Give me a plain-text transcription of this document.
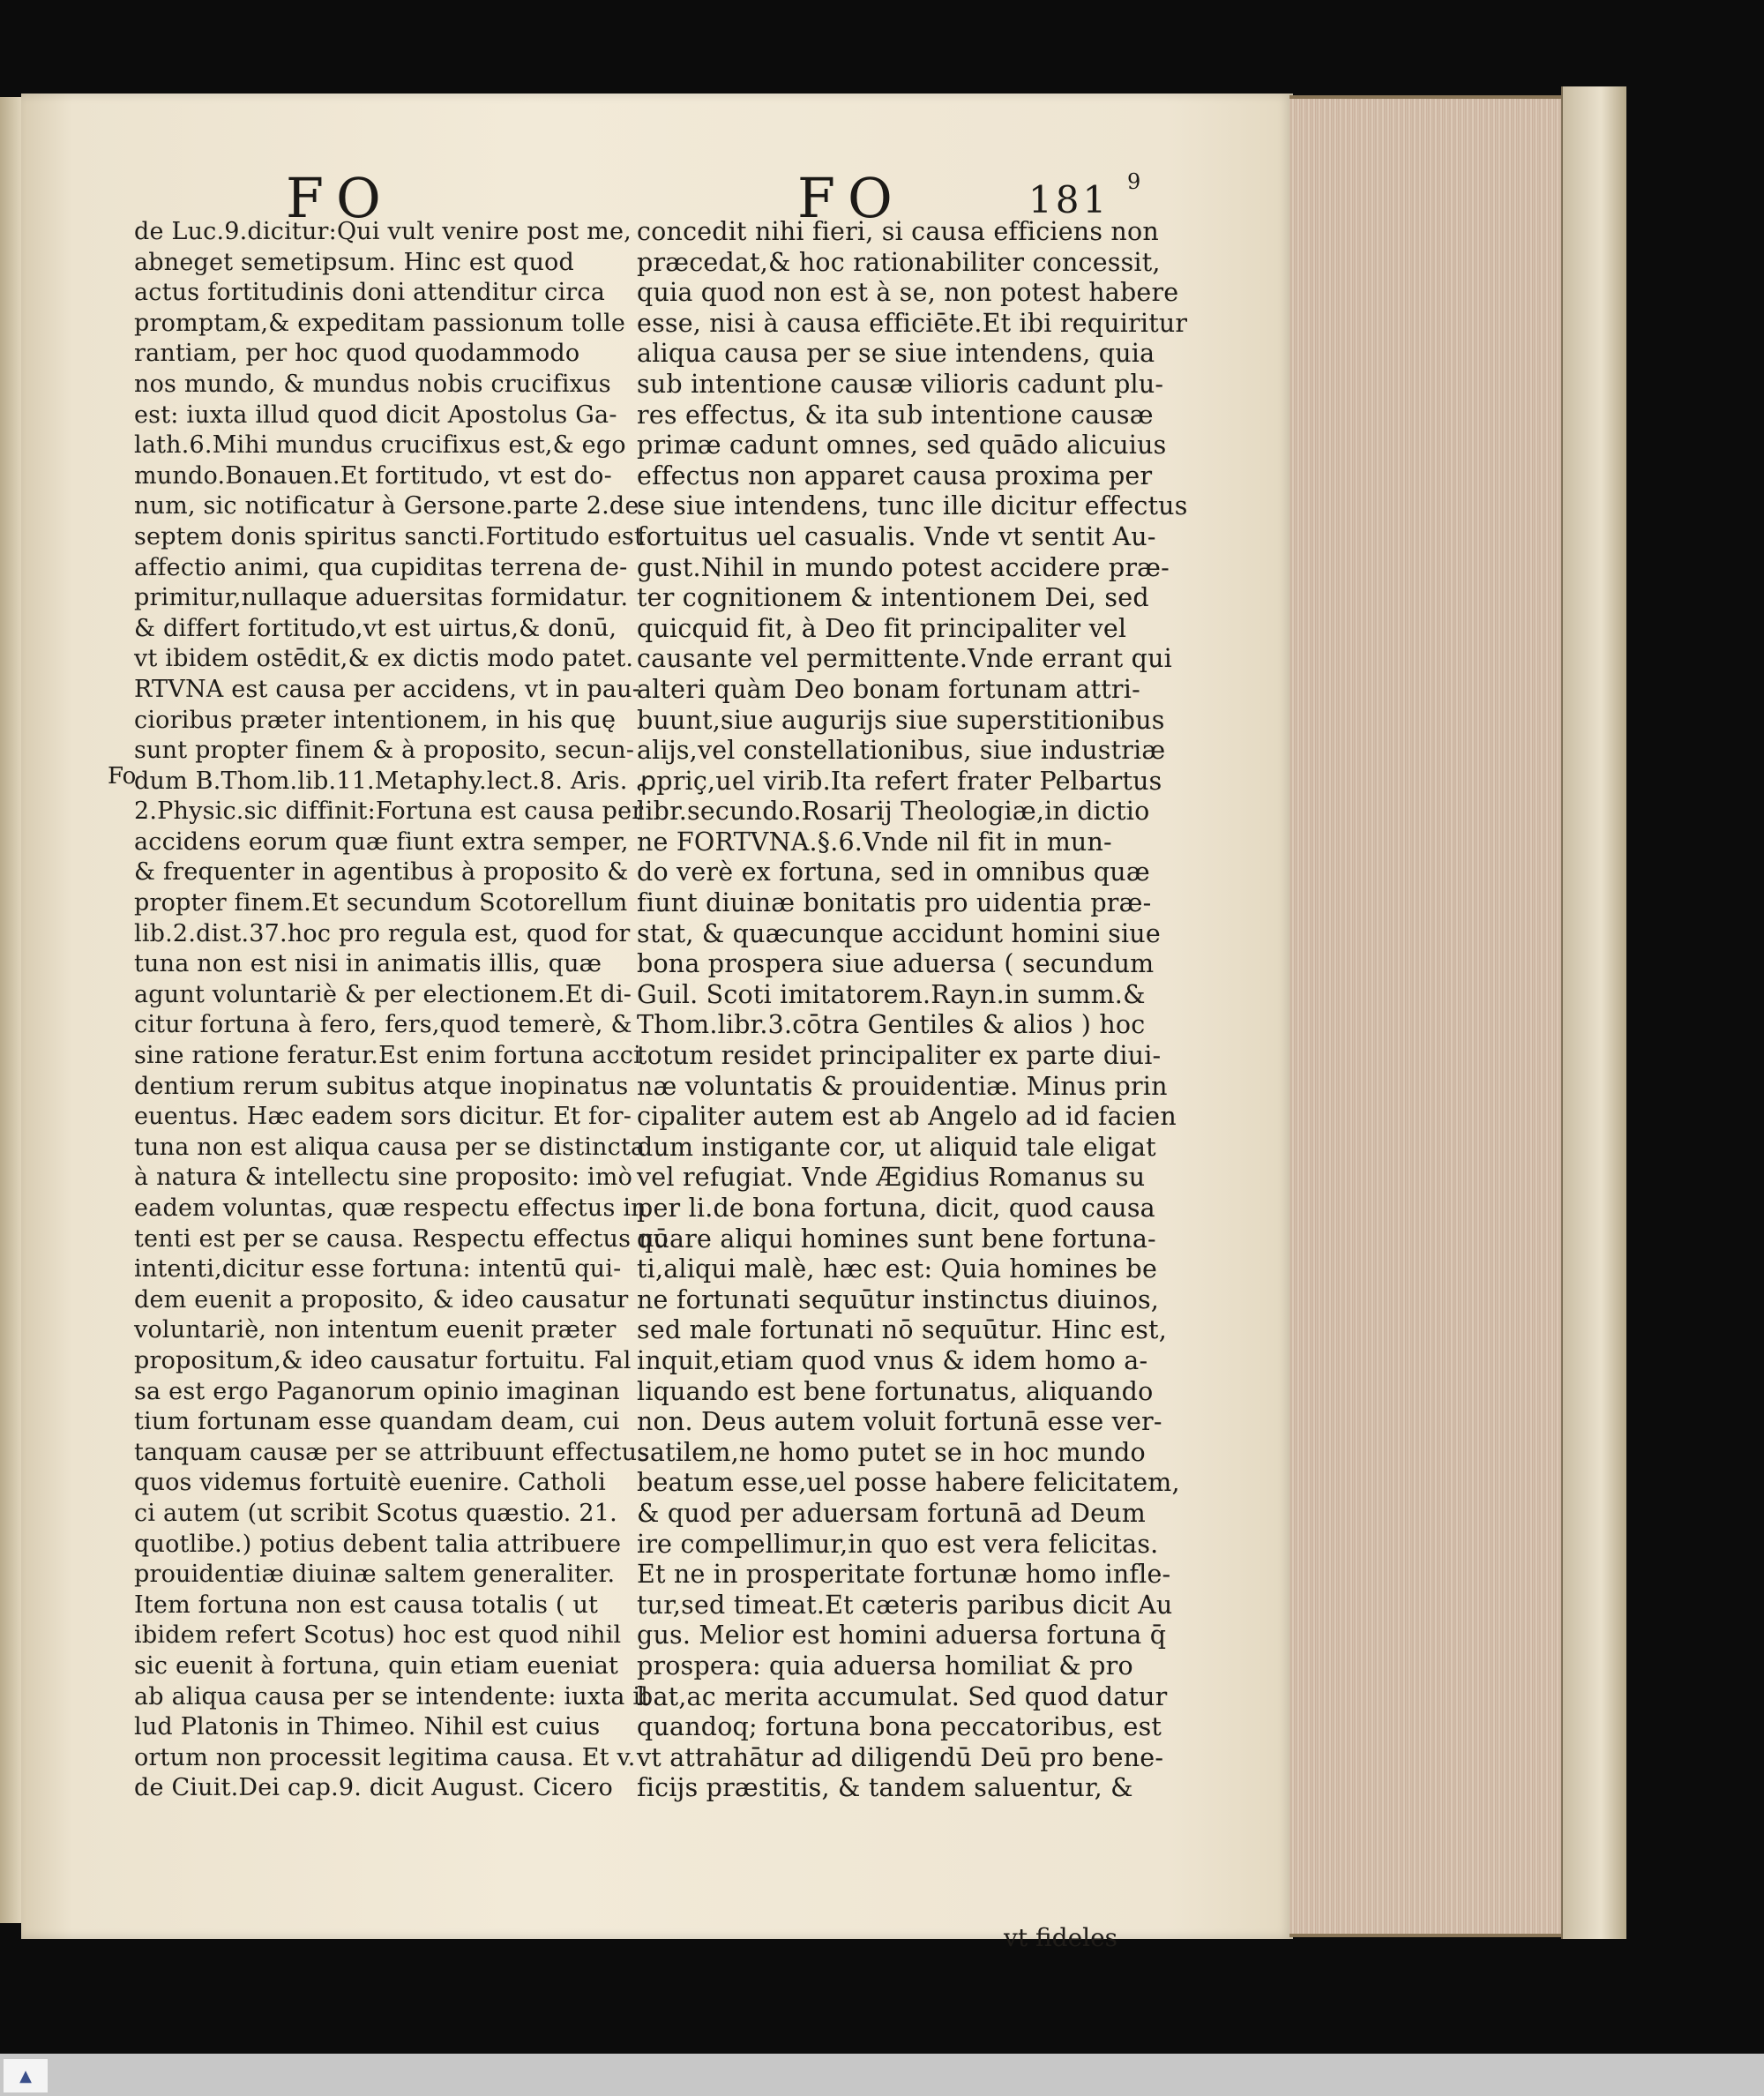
FO	FO	181 9
Fo
de Luc.9.dicitur:Qui vult venire post me,
abneget semetipsum. Hinc est quod
actus fortitudinis doni attenditur circa
promptam,& expeditam passionum tolle
rantiam, per hoc quod quodammodo
nos mundo, & mundus nobis crucifixus
est: iuxta illud quod dicit Apostolus Ga-
lath.6.Mihi mundus crucifixus est,& ego
mundo.Bonauen.Et fortitudo, vt est do-
num, sic notificatur à Gersone.parte 2.de
septem donis spiritus sancti.Fortitudo est
affectio animi, qua cupiditas terrena de-
primitur,nullaque aduersitas formidatur.
& differt fortitudo,vt est uirtus,& donū,
vt ibidem ostēdit,& ex dictis modo patet.
RTVNA est causa per accidens, vt in pau-
cioribus præter intentionem, in his quę
sunt propter finem & à proposito, secun-
dum B.Thom.lib.11.Metaphy.lect.8. Aris.
2.Physic.sic diffinit:Fortuna est causa per
accidens eorum quæ fiunt extra semper,
& frequenter in agentibus à proposito &
propter finem.Et secundum Scotorellum
lib.2.dist.37.hoc pro regula est, quod for
tuna non est nisi in animatis illis, quæ
agunt voluntariè & per electionem.Et di-
citur fortuna à fero, fers,quod temerè, &
sine ratione feratur.Est enim fortuna acci
dentium rerum subitus atque inopinatus
euentus. Hæc eadem sors dicitur. Et for-
tuna non est aliqua causa per se distincta
à natura & intellectu sine proposito: imò
eadem voluntas, quæ respectu effectus in
tenti est per se causa. Respectu effectus nō
intenti,dicitur esse fortuna: intentū qui-
dem euenit a proposito, & ideo causatur
voluntariè, non intentum euenit præter
propositum,& ideo causatur fortuitu. Fal
sa est ergo Paganorum opinio imaginan
tium fortunam esse quandam deam, cui
tanquam causæ per se attribuunt effectus
quos videmus fortuitè euenire. Catholi
ci autem (ut scribit Scotus quæstio. 21.
quotlibe.) potius debent talia attribuere
prouidentiæ diuinæ saltem generaliter.
Item fortuna non est causa totalis ( ut
ibidem refert Scotus) hoc est quod nihil
sic euenit à fortuna, quin etiam eueniat
ab aliqua causa per se intendente: iuxta il
lud Platonis in Thimeo. Nihil est cuius
ortum non processit legitima causa. Et v.
de Ciuit.Dei cap.9. dicit August. Cicero
concedit nihi fieri, si causa efficiens non
præcedat,& hoc rationabiliter concessit,
quia quod non est à se, non potest habere
esse, nisi à causa efficiēte.Et ibi requiritur
aliqua causa per se siue intendens, quia
sub intentione causæ vilioris cadunt plu-
res effectus, & ita sub intentione causæ
primæ cadunt omnes, sed quādo alicuius
effectus non apparet causa proxima per
se siue intendens, tunc ille dicitur effectus
fortuitus uel casualis. Vnde vt sentit Au-
gust.Nihil in mundo potest accidere præ-
ter cognitionem & intentionem Dei, sed
quicquid fit, à Deo fit principaliter vel
causante vel permittente.Vnde errant qui
alteri quàm Deo bonam fortunam attri-
buunt,siue augurijs siue superstitionibus
alijs,vel constellationibus, siue industriæ
ꝓpriç,uel virib.Ita refert frater Pelbartus
libr.secundo.Rosarij Theologiæ,in dictio
ne FORTVNA.§.6.Vnde nil fit in mun-
do verè ex fortuna, sed in omnibus quæ
fiunt diuinæ bonitatis pro uidentia præ-
stat, & quæcunque accidunt homini siue
bona prospera siue aduersa ( secundum
Guil. Scoti imitatorem.Rayn.in summ.&
Thom.libr.3.cōtra Gentiles & alios ) hoc
totum residet principaliter ex parte diui-
næ voluntatis & prouidentiæ. Minus prin
cipaliter autem est ab Angelo ad id facien
dum instigante cor, ut aliquid tale eligat
vel refugiat. Vnde Ægidius Romanus su
per li.de bona fortuna, dicit, quod causa
quare aliqui homines sunt bene fortuna-
ti,aliqui malè, hæc est: Quia homines be
ne fortunati sequūtur instinctus diuinos,
sed male fortunati nō sequūtur. Hinc est,
inquit,etiam quod vnus & idem homo a-
liquando est bene fortunatus, aliquando
non. Deus autem voluit fortunā esse ver-
satilem,ne homo putet se in hoc mundo
beatum esse,uel posse habere felicitatem,
& quod per aduersam fortunā ad Deum
ire compellimur,in quo est vera felicitas.
Et ne in prosperitate fortunæ homo infle-
tur,sed timeat.Et cæteris paribus dicit Au
gus. Melior est homini aduersa fortuna q̄
prospera: quia aduersa homiliat & pro
bat,ac merita accumulat. Sed quod datur
quandoq; fortuna bona peccatoribus, est
vt attrahātur ad diligendū Deū pro bene-
ficijs præstitis, & tandem saluentur, &
vt fideles
▲
